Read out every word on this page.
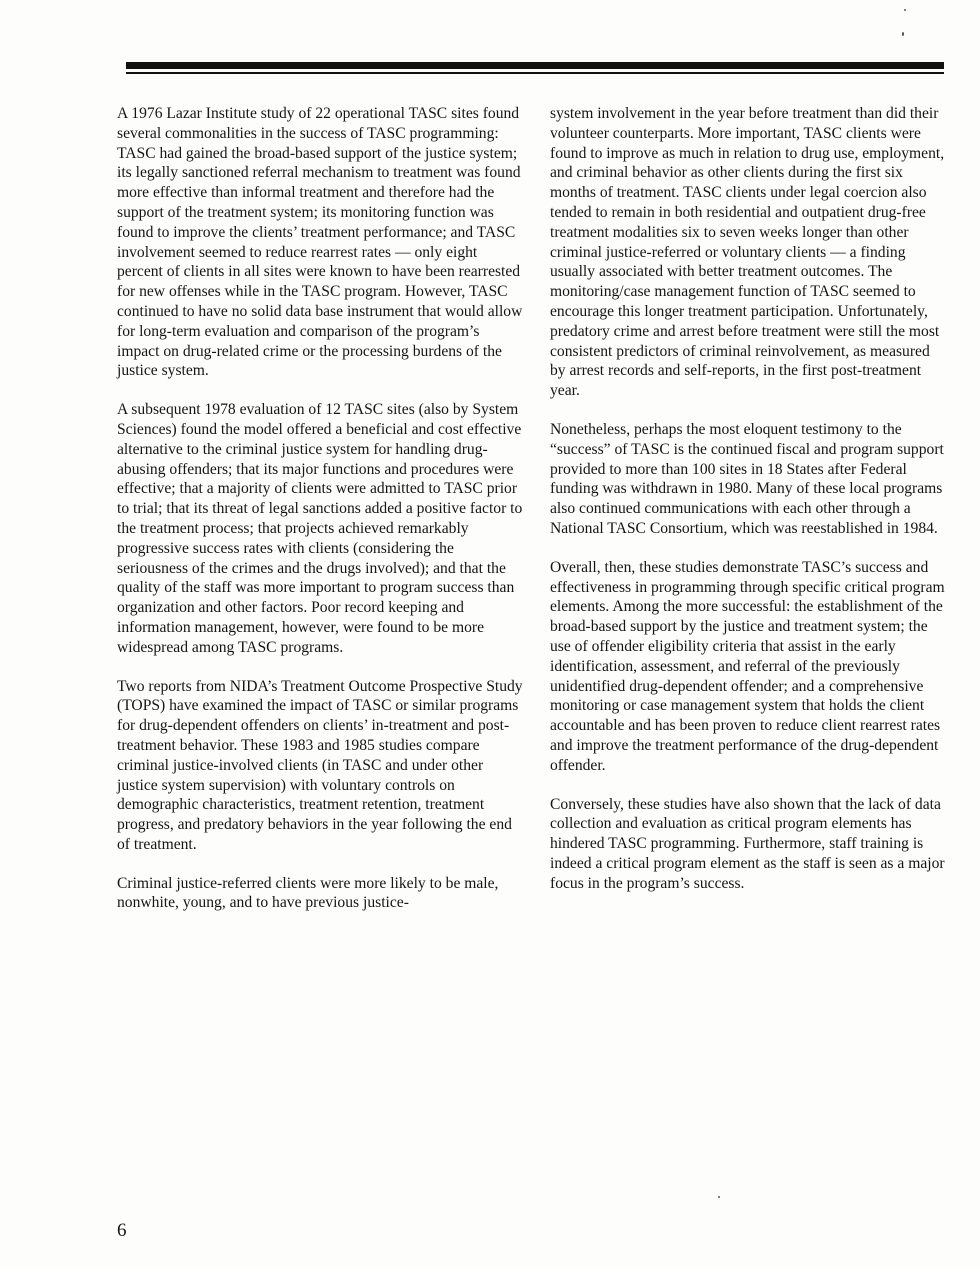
A 1976 Lazar Institute study of 22 operational TASC sites found several commonalities in the success of TASC programming: TASC had gained the broad-based support of the justice system; its legally sanctioned referral mechanism to treatment was found more effective than informal treatment and therefore had the support of the treatment system; its monitoring function was found to improve the clients’ treatment performance; and TASC involvement seemed to reduce rearrest rates — only eight percent of clients in all sites were known to have been rearrested for new offenses while in the TASC program. However, TASC continued to have no solid data base instrument that would allow for long-term evaluation and comparison of the program’s impact on drug-related crime or the processing burdens of the justice system.

A subsequent 1978 evaluation of 12 TASC sites (also by System Sciences) found the model offered a beneficial and cost effective alternative to the criminal justice system for handling drug-abusing offenders; that its major functions and procedures were effective; that a majority of clients were admitted to TASC prior to trial; that its threat of legal sanctions added a positive factor to the treatment process; that projects achieved remarkably progressive success rates with clients (considering the seriousness of the crimes and the drugs involved); and that the quality of the staff was more important to program success than organization and other factors. Poor record keeping and information management, however, were found to be more widespread among TASC programs.

Two reports from NIDA’s Treatment Outcome Prospective Study (TOPS) have examined the impact of TASC or similar programs for drug-dependent offenders on clients’ in-treatment and post-treatment behavior. These 1983 and 1985 studies compare criminal justice-involved clients (in TASC and under other justice system supervision) with voluntary controls on demographic characteristics, treatment retention, treatment progress, and predatory behaviors in the year following the end of treatment.

Criminal justice-referred clients were more likely to be male, nonwhite, young, and to have previous justice-

system involvement in the year before treatment than did their volunteer counterparts. More important, TASC clients were found to improve as much in relation to drug use, employment, and criminal behavior as other clients during the first six months of treatment. TASC clients under legal coercion also tended to remain in both residential and outpatient drug-free treatment modalities six to seven weeks longer than other criminal justice-referred or voluntary clients — a finding usually associated with better treatment outcomes. The monitoring/case management function of TASC seemed to encourage this longer treatment participation. Unfortunately, predatory crime and arrest before treatment were still the most consistent predictors of criminal reinvolvement, as measured by arrest records and self-reports, in the first post-treatment year.

Nonetheless, perhaps the most eloquent testimony to the “success” of TASC is the continued fiscal and program support provided to more than 100 sites in 18 States after Federal funding was withdrawn in 1980. Many of these local programs also continued communications with each other through a National TASC Consortium, which was reestablished in 1984.

Overall, then, these studies demonstrate TASC’s success and effectiveness in programming through specific critical program elements. Among the more successful: the establishment of the broad-based support by the justice and treatment system; the use of offender eligibility criteria that assist in the early identification, assessment, and referral of the previously unidentified drug-dependent offender; and a comprehensive monitoring or case management system that holds the client accountable and has been proven to reduce client rearrest rates and improve the treatment performance of the drug-dependent offender.

Conversely, these studies have also shown that the lack of data collection and evaluation as critical program elements has hindered TASC programming. Furthermore, staff training is indeed a critical program element as the staff is seen as a major focus in the program’s success.

6
